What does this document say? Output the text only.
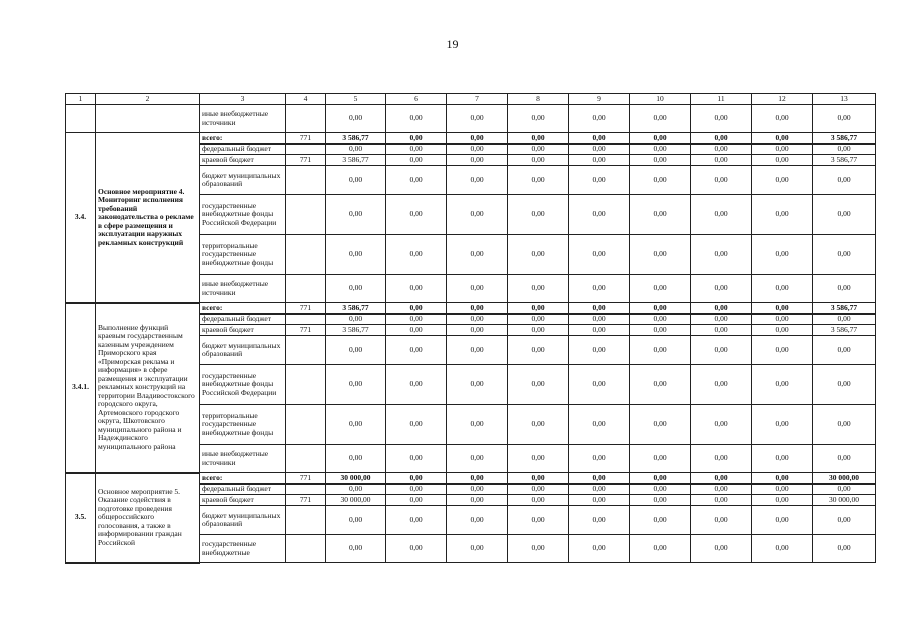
19
1	2	3	4	5	6	7	8	9	10	11	12	13
		иные внебюджетные источники		0,00	0,00	0,00	0,00	0,00	0,00	0,00	0,00	0,00
3.4.	Основное мероприятие 4. Мониторинг исполнения требований законодательства о рекламе в сфере размещения и эксплуатации наружных рекламных конструкций	всего:	771	3 586,77	0,00	0,00	0,00	0,00	0,00	0,00	0,00	3 586,77
		федеральный бюджет		0,00	0,00	0,00	0,00	0,00	0,00	0,00	0,00	0,00
		краевой бюджет	771	3 586,77	0,00	0,00	0,00	0,00	0,00	0,00	0,00	3 586,77
		бюджет муниципальных образований		0,00	0,00	0,00	0,00	0,00	0,00	0,00	0,00	0,00
		государственные внебюджетные фонды Российской Федерации		0,00	0,00	0,00	0,00	0,00	0,00	0,00	0,00	0,00
		территориальные государственные внебюджетные фонды		0,00	0,00	0,00	0,00	0,00	0,00	0,00	0,00	0,00
		иные внебюджетные источники		0,00	0,00	0,00	0,00	0,00	0,00	0,00	0,00	0,00
3.4.1.	Выполнение функций краевым государственным казенным учреждением Приморского края «Приморская реклама и информация» в сфере размещения и эксплуатации рекламных конструкций на территории Владивостокского городского округа, Артемовского городского округа, Шкотовского муниципального района и Надеждинского муниципального района	всего:	771	3 586,77	0,00	0,00	0,00	0,00	0,00	0,00	0,00	3 586,77
		федеральный бюджет		0,00	0,00	0,00	0,00	0,00	0,00	0,00	0,00	0,00
		краевой бюджет	771	3 586,77	0,00	0,00	0,00	0,00	0,00	0,00	0,00	3 586,77
		бюджет муниципальных образований		0,00	0,00	0,00	0,00	0,00	0,00	0,00	0,00	0,00
		государственные внебюджетные фонды Российской Федерации		0,00	0,00	0,00	0,00	0,00	0,00	0,00	0,00	0,00
		территориальные государственные внебюджетные фонды		0,00	0,00	0,00	0,00	0,00	0,00	0,00	0,00	0,00
		иные внебюджетные источники		0,00	0,00	0,00	0,00	0,00	0,00	0,00	0,00	0,00
3.5.	Основное мероприятие 5. Оказание содействия в подготовке проведения общероссийского голосования, а также в информировании граждан Российской	всего:	771	30 000,00	0,00	0,00	0,00	0,00	0,00	0,00	0,00	30 000,00
		федеральный бюджет		0,00	0,00	0,00	0,00	0,00	0,00	0,00	0,00	0,00
		краевой бюджет	771	30 000,00	0,00	0,00	0,00	0,00	0,00	0,00	0,00	30 000,00
		бюджет муниципальных образований		0,00	0,00	0,00	0,00	0,00	0,00	0,00	0,00	0,00
		государственные внебюджетные		0,00	0,00	0,00	0,00	0,00	0,00	0,00	0,00	0,00
